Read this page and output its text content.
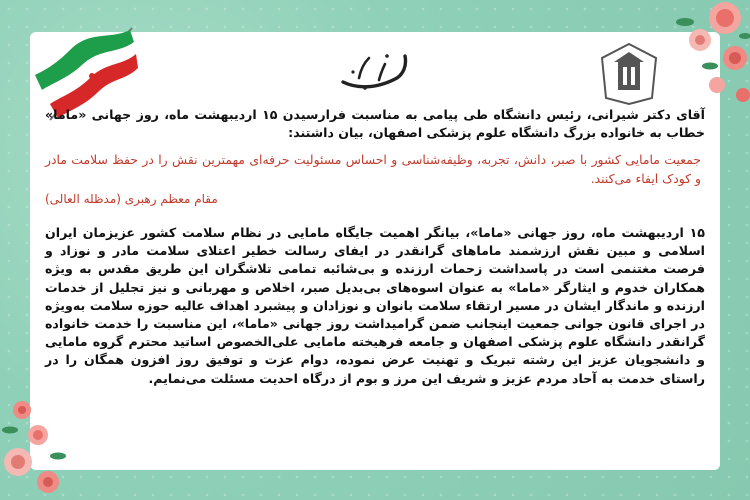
آقای دکتر شیرانی، رئیس دانشگاه طی پیامی به مناسبت فرارسیدن ۱۵ اردیبهشت ماه، روز جهانی «ماما» خطاب به خانواده بزرگ دانشگاه علوم پزشکی اصفهان، بیان داشتند:

جمعیت مامایی کشور با صبر، دانش، تجربه، وظیفه‌شناسی و احساس مسئولیت حرفه‌ای مهمترین نقش را در حفظ سلامت مادر و کودک ایفاء می‌کنند.

مقام معظم رهبری (مدظله العالی)

۱۵ اردیبهشت ماه، روز جهانی «ماما»، بیانگر اهمیت جایگاه مامایی در نظام سلامت کشور عزیزمان ایران اسلامی و مبین نقش ارزشمند ماماهای گرانقدر در ایفای رسالت خطیر اعتلای سلامت مادر و نوزاد و فرصت مغتنمی است در پاسداشت زحمات ارزنده و بی‌شائبه تمامی تلاشگران این طریق مقدس به ویژه همکاران خدوم و ایثارگر «ماما» به عنوان اسوه‌های بی‌بدیل صبر، اخلاص و مهربانی و نیز تجلیل از خدمات ارزنده و ماندگار ایشان در مسیر ارتقاء سلامت بانوان و نوزادان و پیشبرد اهداف عالیه حوزه سلامت به‌ویژه در اجرای قانون جوانی جمعیت اینجانب ضمن گرامیداشت روز جهانی «ماما»، این مناسبت را خدمت خانواده گرانقدر دانشگاه علوم پزشکی اصفهان و جامعه فرهیخته مامایی علی‌الخصوص اساتید محترم گروه مامایی و دانشجویان عزیز این رشته تبریک و تهنیت عرض نموده، دوام عزت و توفیق روز افزون همگان را در راستای خدمت به آحاد مردم عزیز و شریف این مرز و بوم از درگاه احدیت مسئلت می‌نمایم.
